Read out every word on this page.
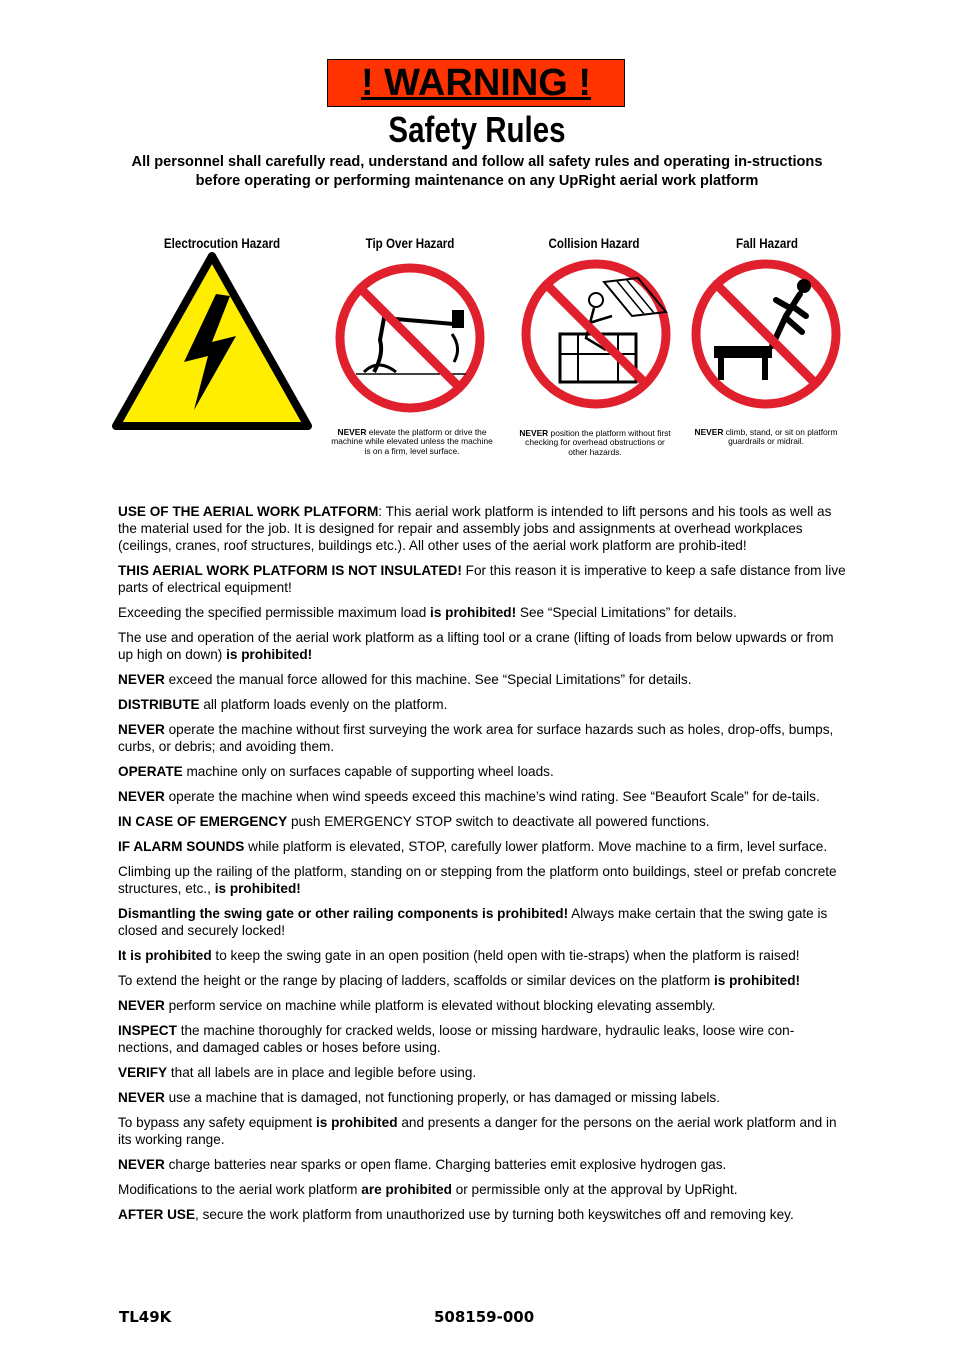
! WARNING !
Safety Rules
All personnel shall carefully read, understand and follow all safety rules and operating in-structions before operating or performing maintenance on any UpRight aerial work platform
Electrocution Hazard	Tip Over Hazard	Collision Hazard	Fall Hazard
NEVER elevate the platform or drive the machine while elevated unless the machine is on a firm, level surface.
NEVER position the platform without first checking for overhead obstructions or other hazards.
NEVER climb, stand, or sit on platform guardrails or midrail.

USE OF THE AERIAL WORK PLATFORM: This aerial work platform is intended to lift persons and his tools as well as the material used for the job. It is designed for repair and assembly jobs and assignments at overhead workplaces (ceilings, cranes, roof structures, buildings etc.). All other uses of the aerial work platform are prohib-ited!

THIS AERIAL WORK PLATFORM IS NOT INSULATED! For this reason it is imperative to keep a safe distance from live parts of electrical equipment!

Exceeding the specified permissible maximum load is prohibited! See “Special Limitations” for details.

The use and operation of the aerial work platform as a lifting tool or a crane (lifting of loads from below upwards or from up high on down) is prohibited!

NEVER exceed the manual force allowed for this machine. See “Special Limitations” for details.

DISTRIBUTE all platform loads evenly on the platform.

NEVER operate the machine without first surveying the work area for surface hazards such as holes, drop-offs, bumps, curbs, or debris; and avoiding them.

OPERATE machine only on surfaces capable of supporting wheel loads.

NEVER operate the machine when wind speeds exceed this machine’s wind rating. See “Beaufort Scale” for de-tails.

IN CASE OF EMERGENCY push EMERGENCY STOP switch to deactivate all powered functions.

IF ALARM SOUNDS while platform is elevated, STOP, carefully lower platform. Move machine to a firm, level surface.

Climbing up the railing of the platform, standing on or stepping from the platform onto buildings, steel or prefab concrete structures, etc., is prohibited!

Dismantling the swing gate or other railing components is prohibited! Always make certain that the swing gate is closed and securely locked!

It is prohibited to keep the swing gate in an open position (held open with tie-straps) when the platform is raised!

To extend the height or the range by placing of ladders, scaffolds or similar devices on the platform is prohibited!

NEVER perform service on machine while platform is elevated without blocking elevating assembly.

INSPECT the machine thoroughly for cracked welds, loose or missing hardware, hydraulic leaks, loose wire con-nections, and damaged cables or hoses before using.

VERIFY that all labels are in place and legible before using.

NEVER use a machine that is damaged, not functioning properly, or has damaged or missing labels.

To bypass any safety equipment is prohibited and presents a danger for the persons on the aerial work platform and in its working range.

NEVER charge batteries near sparks or open flame. Charging batteries emit explosive hydrogen gas.

Modifications to the aerial work platform are prohibited or permissible only at the approval by UpRight.

AFTER USE, secure the work platform from unauthorized use by turning both keyswitches off and removing key.

TL49K	508159-000
